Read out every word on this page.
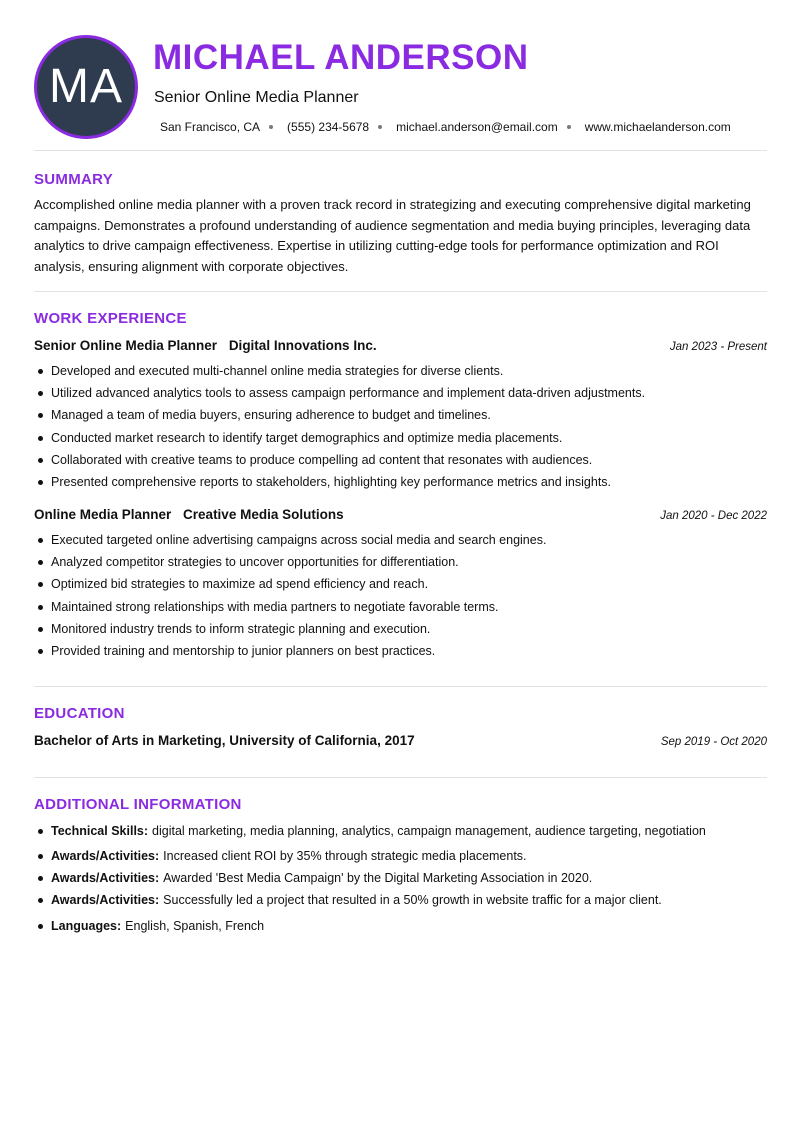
MA
MICHAEL ANDERSON
Senior Online Media Planner
San Francisco, CA (555) 234-5678 michael.anderson@email.com www.michaelanderson.com
SUMMARY
Accomplished online media planner with a proven track record in strategizing and executing comprehensive digital marketing campaigns. Demonstrates a profound understanding of audience segmentation and media buying principles, leveraging data analytics to drive campaign effectiveness. Expertise in utilizing cutting-edge tools for performance optimization and ROI analysis, ensuring alignment with corporate objectives.
WORK EXPERIENCE
Senior Online Media Planner Digital Innovations Inc.	Jan 2023 - Present
Developed and executed multi-channel online media strategies for diverse clients.
Utilized advanced analytics tools to assess campaign performance and implement data-driven adjustments.
Managed a team of media buyers, ensuring adherence to budget and timelines.
Conducted market research to identify target demographics and optimize media placements.
Collaborated with creative teams to produce compelling ad content that resonates with audiences.
Presented comprehensive reports to stakeholders, highlighting key performance metrics and insights.
Online Media Planner Creative Media Solutions	Jan 2020 - Dec 2022
Executed targeted online advertising campaigns across social media and search engines.
Analyzed competitor strategies to uncover opportunities for differentiation.
Optimized bid strategies to maximize ad spend efficiency and reach.
Maintained strong relationships with media partners to negotiate favorable terms.
Monitored industry trends to inform strategic planning and execution.
Provided training and mentorship to junior planners on best practices.
EDUCATION
Bachelor of Arts in Marketing, University of California, 2017	Sep 2019 - Oct 2020
ADDITIONAL INFORMATION
Technical Skills: digital marketing, media planning, analytics, campaign management, audience targeting, negotiation
Awards/Activities: Increased client ROI by 35% through strategic media placements.
Awards/Activities: Awarded 'Best Media Campaign' by the Digital Marketing Association in 2020.
Awards/Activities: Successfully led a project that resulted in a 50% growth in website traffic for a major client.
Languages: English, Spanish, French
